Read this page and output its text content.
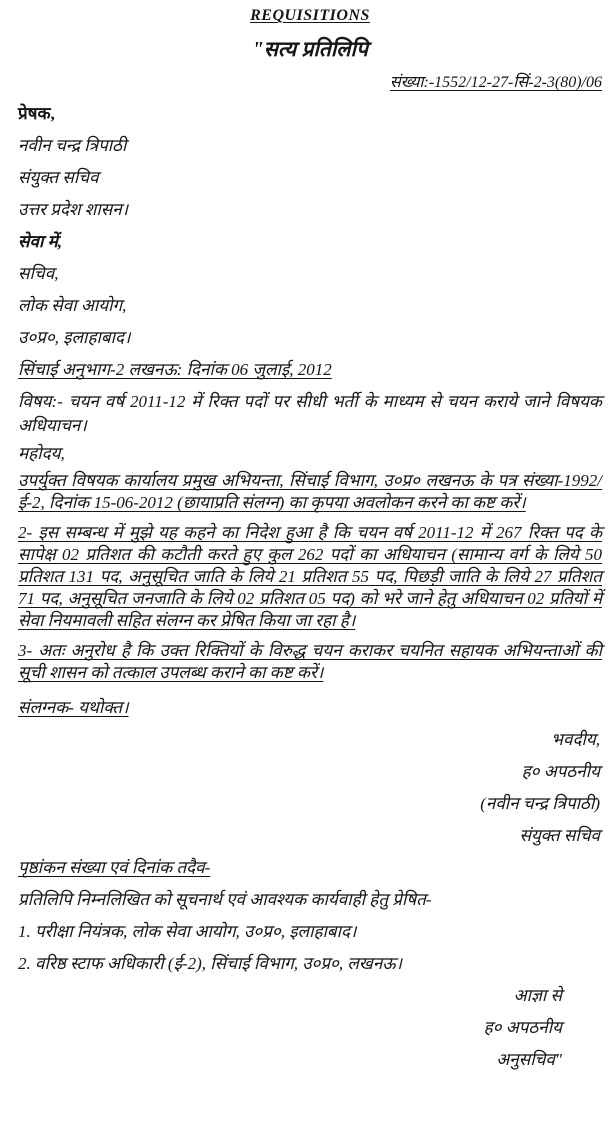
REQUISITIONS
"सत्य प्रतिलिपि
संख्या:-1552/12-27-सिं-2-3(80)/06
प्रेषक,
नवीन चन्द्र त्रिपाठी
संयुक्त सचिव
उत्तर प्रदेश शासन।
सेवा में,
सचिव,
लोक सेवा आयोग,
उ०प्र०, इलाहाबाद।
सिंचाई अनुभाग-2 लखनऊ: दिनांक 06 जुलाई, 2012
विषय:- चयन वर्ष 2011-12 में रिक्त पदों पर सीधी भर्ती के माध्यम से चयन कराये जाने विषयक अधियाचन।
महोदय,
उपर्युक्त विषयक कार्यालय प्रमुख अभियन्ता, सिंचाई विभाग, उ०प्र० लखनऊ के पत्र संख्या-1992/ई-2, दिनांक 15-06-2012 (छायाप्रति संलग्न) का कृपया अवलोकन करने का कष्ट करें।
2- इस सम्बन्ध में मुझे यह कहने का निदेश हुआ है कि चयन वर्ष 2011-12 में 267 रिक्त पद के सापेक्ष 02 प्रतिशत की कटौती करते हुए कुल 262 पदों का अधियाचन (सामान्य वर्ग के लिये 50 प्रतिशत 131 पद, अनुसूचित जाति के लिये 21 प्रतिशत 55 पद, पिछड़ी जाति के लिये 27 प्रतिशत 71 पद, अनुसूचित जनजाति के लिये 02 प्रतिशत 05 पद) को भरे जाने हेतु अधियाचन 02 प्रतियों में सेवा नियमावली सहित संलग्न कर प्रेषित किया जा रहा है।
3- अतः अनुरोध है कि उक्त रिक्तियों के विरुद्ध चयन कराकर चयनित सहायक अभियन्ताओं की सूची शासन को तत्काल उपलब्ध कराने का कष्ट करें।
संलग्नक- यथोक्त।
भवदीय,
ह० अपठनीय
(नवीन चन्द्र त्रिपाठी)
संयुक्त सचिव
पृष्ठांकन संख्या एवं दिनांक तदैव-
प्रतिलिपि निम्नलिखित को सूचनार्थ एवं आवश्यक कार्यवाही हेतु प्रेषित-
1. परीक्षा नियंत्रक, लोक सेवा आयोग, उ०प्र०, इलाहाबाद।
2. वरिष्ठ स्टाफ अधिकारी (ई-2), सिंचाई विभाग, उ०प्र०, लखनऊ।
आज्ञा से
ह० अपठनीय
अनुसचिव"
